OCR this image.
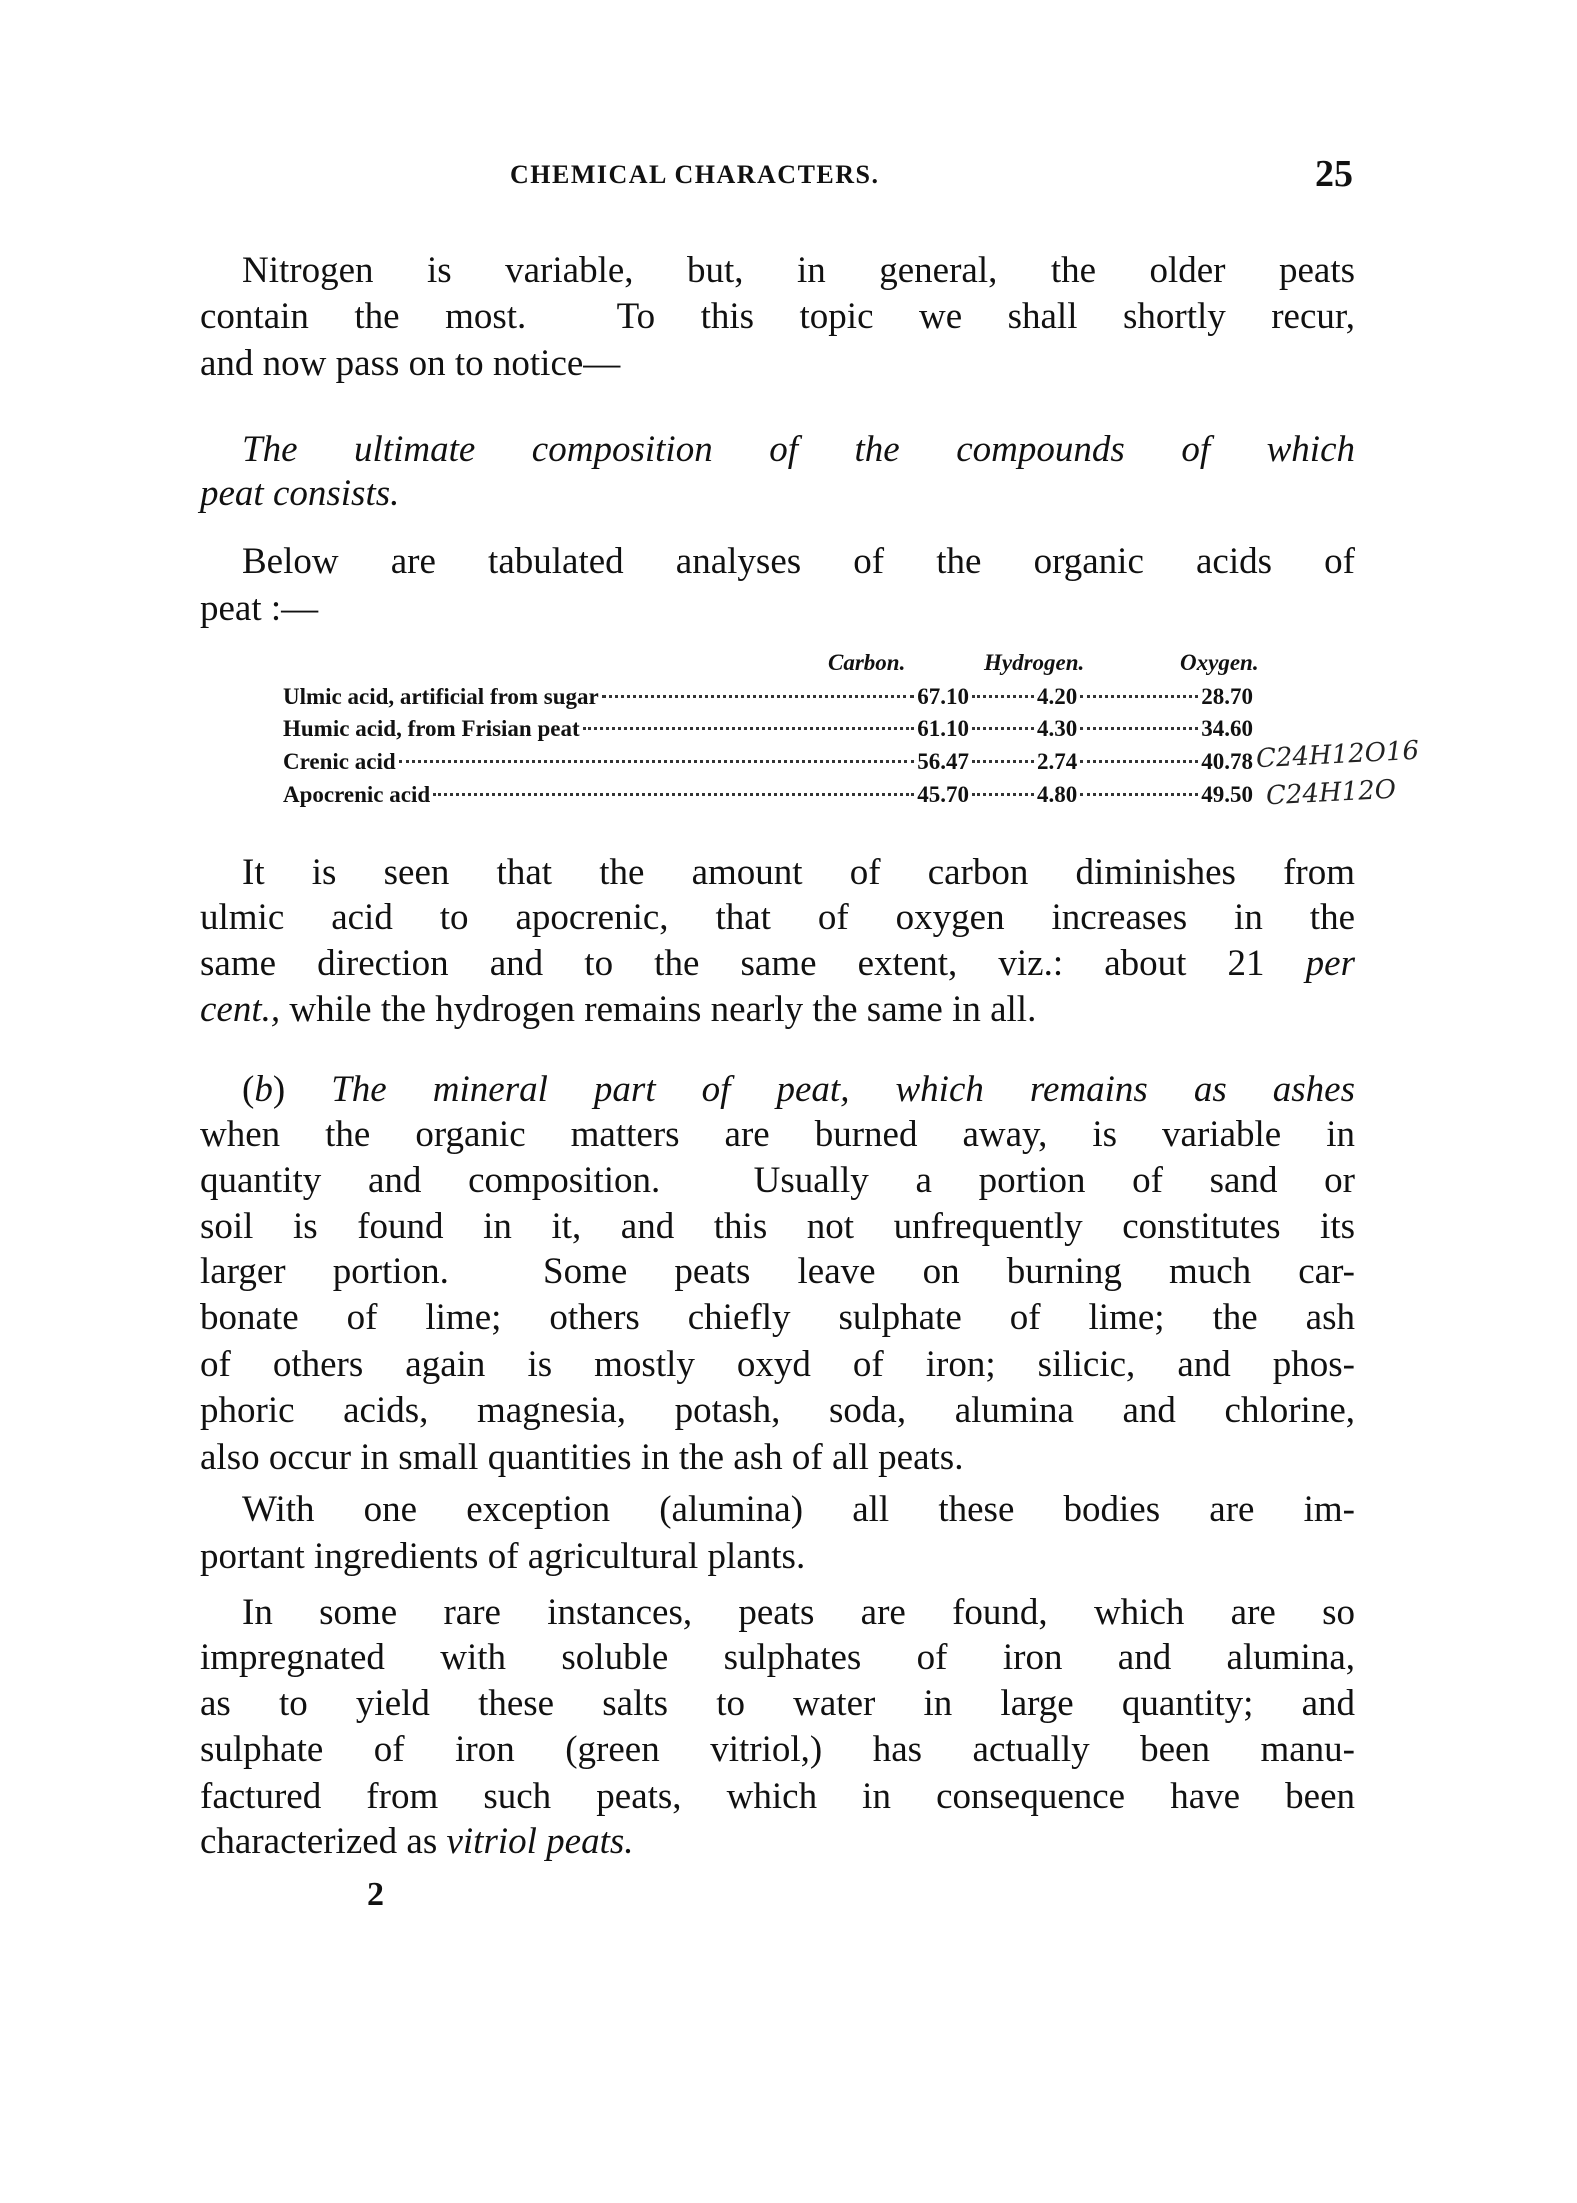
CHEMICAL CHARACTERS.	25
Nitrogen is variable, but, in general, the older peats
contain the most.  To this topic we shall shortly recur,
and now pass on to notice—
The ultimate composition of the compounds of which
peat consists.
Below are tabulated analyses of the organic acids of
peat :—
It is seen that the amount of carbon diminishes from
ulmic acid to apocrenic, that of oxygen increases in the
same direction and to the same extent, viz.: about 21 per
cent., while the hydrogen remains nearly the same in all.
(b) The mineral part of peat, which remains as ashes
when the organic matters are burned away, is variable in
quantity and composition.  Usually a portion of sand or
soil is found in it, and this not unfrequently constitutes its
larger portion.  Some peats leave on burning much car-
bonate of lime; others chiefly sulphate of lime; the ash
of others again is mostly oxyd of iron; silicic, and phos-
phoric acids, magnesia, potash, soda, alumina and chlorine,
also occur in small quantities in the ash of all peats.
With one exception (alumina) all these bodies are im-
portant ingredients of agricultural plants.
In some rare instances, peats are found, which are so
impregnated with soluble sulphates of iron and alumina,
as to yield these salts to water in large quantity; and
sulphate of iron (green vitriol,) has actually been manu-
factured from such peats, which in consequence have been
characterized as vitriol peats.
Carbon.	Hydrogen.	Oxygen.
Ulmic acid, artificial from sugar	67.10	4.20	28.70
Humic acid, from Frisian peat	61.10	4.30	34.60
Crenic acid	56.47	2.74	40.78
Apocrenic acid	45.70	4.80	49.50
C24H12O16
C24H12O
2
